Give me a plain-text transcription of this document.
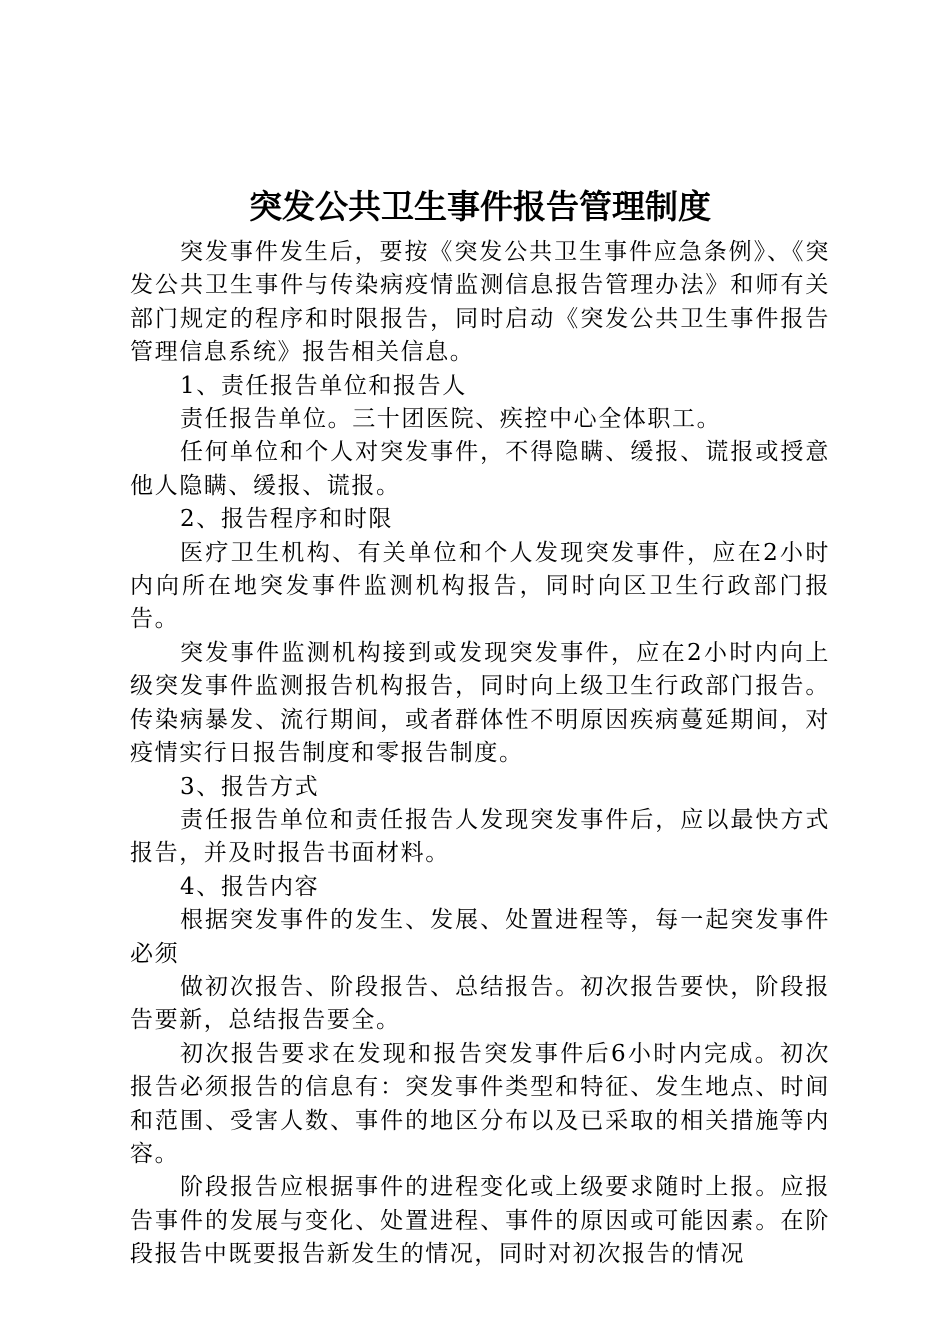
突发公共卫生事件报告管理制度

突发事件发生后，要按《突发公共卫生事件应急条例》、《突发公共卫生事件与传染病疫情监测信息报告管理办法》和师有关部门规定的程序和时限报告，同时启动《突发公共卫生事件报告管理信息系统》报告相关信息。

1、责任报告单位和报告人

责任报告单位。三十团医院、疾控中心全体职工。

任何单位和个人对突发事件，不得隐瞒、缓报、谎报或授意他人隐瞒、缓报、谎报。

2、报告程序和时限

医疗卫生机构、有关单位和个人发现突发事件，应在2小时内向所在地突发事件监测机构报告，同时向区卫生行政部门报告。

突发事件监测机构接到或发现突发事件，应在2小时内向上级突发事件监测报告机构报告，同时向上级卫生行政部门报告。传染病暴发、流行期间，或者群体性不明原因疾病蔓延期间，对疫情实行日报告制度和零报告制度。

3、报告方式

责任报告单位和责任报告人发现突发事件后，应以最快方式报告，并及时报告书面材料。

4、报告内容

根据突发事件的发生、发展、处置进程等，每一起突发事件必须

做初次报告、阶段报告、总结报告。初次报告要快，阶段报告要新，总结报告要全。

初次报告要求在发现和报告突发事件后6小时内完成。初次报告必须报告的信息有：突发事件类型和特征、发生地点、时间和范围、受害人数、事件的地区分布以及已采取的相关措施等内容。

阶段报告应根据事件的进程变化或上级要求随时上报。应报告事件的发展与变化、处置进程、事件的原因或可能因素。在阶段报告中既要报告新发生的情况，同时对初次报告的情况
